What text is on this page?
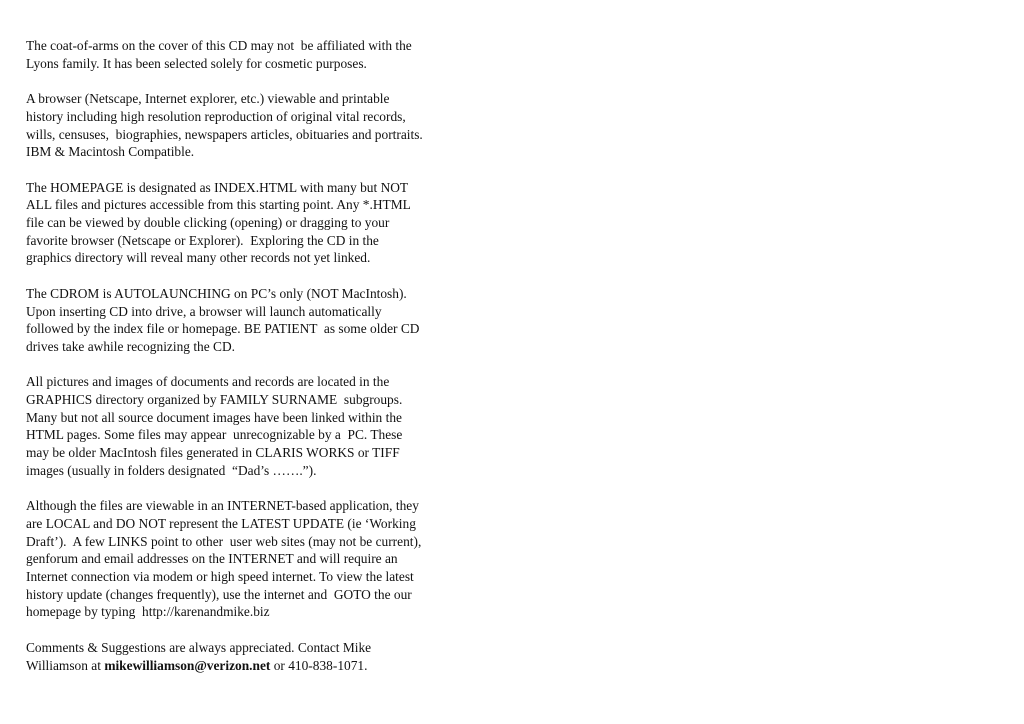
The coat-of-arms on the cover of this CD may not  be affiliated with the
Lyons family. It has been selected solely for cosmetic purposes.

A browser (Netscape, Internet explorer, etc.) viewable and printable
history including high resolution reproduction of original vital records,
wills, censuses,  biographies, newspapers articles, obituaries and portraits.
IBM & Macintosh Compatible.

The HOMEPAGE is designated as INDEX.HTML with many but NOT
ALL files and pictures accessible from this starting point. Any *.HTML
file can be viewed by double clicking (opening) or dragging to your
favorite browser (Netscape or Explorer).  Exploring the CD in the
graphics directory will reveal many other records not yet linked.

The CDROM is AUTOLAUNCHING on PC’s only (NOT MacIntosh).
Upon inserting CD into drive, a browser will launch automatically
followed by the index file or homepage. BE PATIENT  as some older CD
drives take awhile recognizing the CD.

All pictures and images of documents and records are located in the
GRAPHICS directory organized by FAMILY SURNAME  subgroups.
Many but not all source document images have been linked within the
HTML pages. Some files may appear  unrecognizable by a  PC. These
may be older MacIntosh files generated in CLARIS WORKS or TIFF
images (usually in folders designated  “Dad’s …….”).

Although the files are viewable in an INTERNET-based application, they
are LOCAL and DO NOT represent the LATEST UPDATE (ie ‘Working
Draft’).  A few LINKS point to other  user web sites (may not be current),
genforum and email addresses on the INTERNET and will require an
Internet connection via modem or high speed internet. To view the latest
history update (changes frequently), use the internet and  GOTO the our
homepage by typing  http://karenandmike.biz

Comments & Suggestions are always appreciated. Contact Mike
Williamson at mikewilliamson@verizon.net or 410-838-1071.
